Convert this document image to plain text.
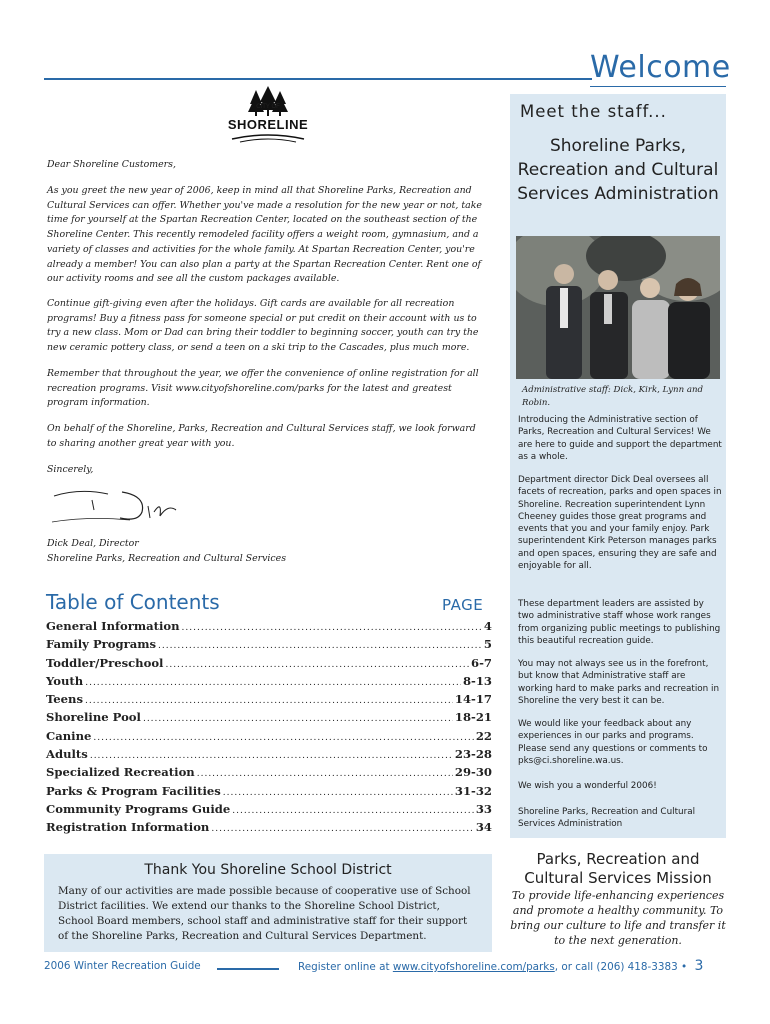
Welcome
CITY OF
SHORELINE
Dear Shoreline Customers,
As you greet the new year of 2006, keep in mind all that Shoreline Parks, Recreation and Cultural Services can offer. Whether you've made a resolution for the new year or not, take time for yourself at the Spartan Recreation Center, located on the southeast section of the Shoreline Center. This recently remodeled facility offers a weight room, gymnasium, and a variety of classes and activities for the whole family. At Spartan Recreation Center, you're already a member! You can also plan a party at the Spartan Recreation Center. Rent one of our activity rooms and see all the custom packages available.
Continue gift-giving even after the holidays. Gift cards are available for all recreation programs! Buy a fitness pass for someone special or put credit on their account with us to try a new class. Mom or Dad can bring their toddler to beginning soccer, youth can try the new ceramic pottery class, or send a teen on a ski trip to the Cascades, plus much more.
Remember that throughout the year, we offer the convenience of online registration for all recreation programs. Visit www.cityofshoreline.com/parks for the latest and greatest program information.
On behalf of the Shoreline, Parks, Recreation and Cultural Services staff, we look forward to sharing another great year with you.
Sincerely,
Dick Deal, Director
Shoreline Parks, Recreation and Cultural Services
Table of Contents	PAGE
General Information .....	4
Family Programs .....	5
Toddler/Preschool .....	6-7
Youth .....	8-13
Teens .....	14-17
Shoreline Pool .....	18-21
Canine .....	22
Adults .....	23-28
Specialized Recreation .....	29-30
Parks & Program Facilities .....	31-32
Community Programs Guide .....	33
Registration Information .....	34
Thank You Shoreline School District
Many of our activities are made possible because of cooperative use of School District facilities. We extend our thanks to the Shoreline School District, School Board members, school staff and administrative staff for their support of the Shoreline Parks, Recreation and Cultural Services Department.
2006 Winter Recreation Guide	Register online at www.cityofshoreline.com/parks, or call (206) 418-3383 • 3
Meet the staff...
Shoreline Parks, Recreation and Cultural Services Administration
Administrative staff: Dick, Kirk, Lynn and Robin.
Introducing the Administrative section of Parks, Recreation and Cultural Services! We are here to guide and support the department as a whole.
Department director Dick Deal oversees all facets of recreation, parks and open spaces in Shoreline. Recreation superintendent Lynn Cheeney guides those great programs and events that you and your family enjoy. Park superintendent Kirk Peterson manages parks and open spaces, ensuring they are safe and enjoyable for all.
These department leaders are assisted by two administrative staff whose work ranges from organizing public meetings to publishing this beautiful recreation guide.
You may not always see us in the forefront, but know that Administrative staff are working hard to make parks and recreation in Shoreline the very best it can be.
We would like your feedback about any experiences in our parks and programs. Please send any questions or comments to pks@ci.shoreline.wa.us.
We wish you a wonderful 2006!
Shoreline Parks, Recreation and Cultural Services Administration
Parks, Recreation and Cultural Services Mission
To provide life-enhancing experiences and promote a healthy community. To bring our culture to life and transfer it to the next generation.
